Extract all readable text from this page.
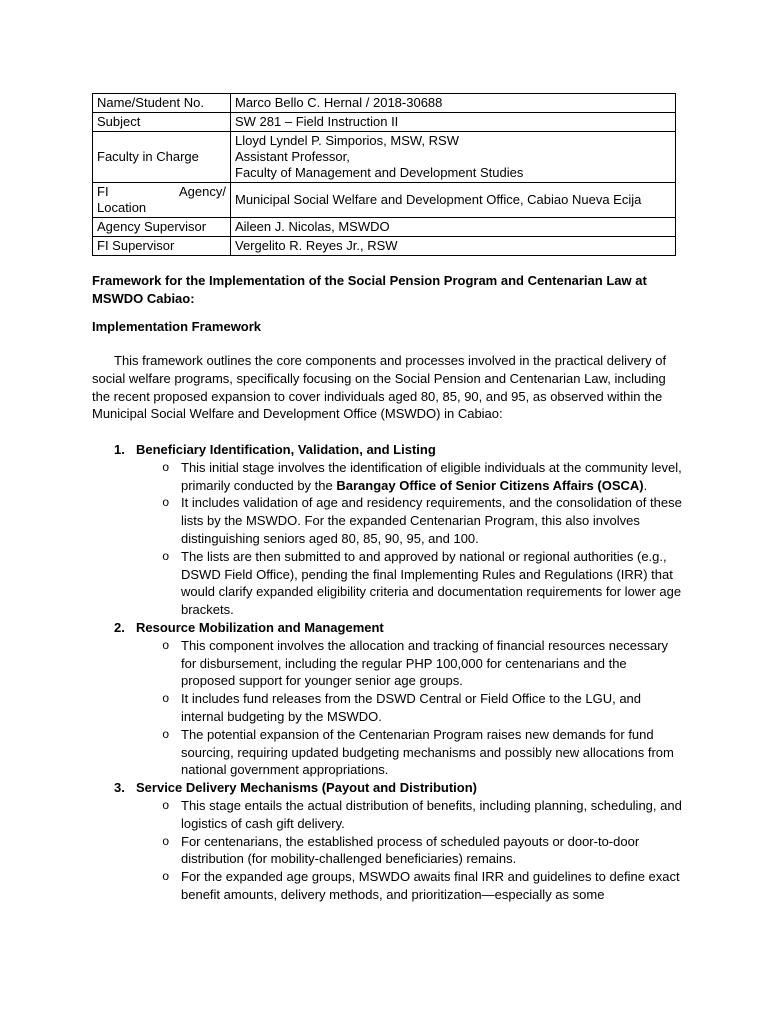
Name/Student No.	Marco Bello C. Hernal / 2018-30688
Subject	SW 281 – Field Instruction II
Faculty in Charge	Lloyd Lyndel P. Simporios, MSW, RSW
Assistant Professor,
Faculty of Management and Development Studies

FI Agency/
Location	Municipal Social Welfare and Development Office, Cabiao Nueva Ecija
Agency Supervisor	Aileen J. Nicolas, MSWDO
FI Supervisor	Vergelito R. Reyes Jr., RSW

Framework for the Implementation of the Social Pension Program and Centenarian Law at MSWDO Cabiao:

Implementation Framework

This framework outlines the core components and processes involved in the practical delivery of social welfare programs, specifically focusing on the Social Pension and Centenarian Law, including the recent proposed expansion to cover individuals aged 80, 85, 90, and 95, as observed within the Municipal Social Welfare and Development Office (MSWDO) in Cabiao:

1. Beneficiary Identification, Validation, and Listing
o This initial stage involves the identification of eligible individuals at the community level, primarily conducted by the Barangay Office of Senior Citizens Affairs (OSCA).
o It includes validation of age and residency requirements, and the consolidation of these lists by the MSWDO. For the expanded Centenarian Program, this also involves distinguishing seniors aged 80, 85, 90, 95, and 100.
o The lists are then submitted to and approved by national or regional authorities (e.g., DSWD Field Office), pending the final Implementing Rules and Regulations (IRR) that would clarify expanded eligibility criteria and documentation requirements for lower age brackets.
2. Resource Mobilization and Management
o This component involves the allocation and tracking of financial resources necessary for disbursement, including the regular PHP 100,000 for centenarians and the proposed support for younger senior age groups.
o It includes fund releases from the DSWD Central or Field Office to the LGU, and internal budgeting by the MSWDO.
o The potential expansion of the Centenarian Program raises new demands for fund sourcing, requiring updated budgeting mechanisms and possibly new allocations from national government appropriations.
3. Service Delivery Mechanisms (Payout and Distribution)
o This stage entails the actual distribution of benefits, including planning, scheduling, and logistics of cash gift delivery.
o For centenarians, the established process of scheduled payouts or door-to-door distribution (for mobility-challenged beneficiaries) remains.
o For the expanded age groups, MSWDO awaits final IRR and guidelines to define exact benefit amounts, delivery methods, and prioritization—especially as some
